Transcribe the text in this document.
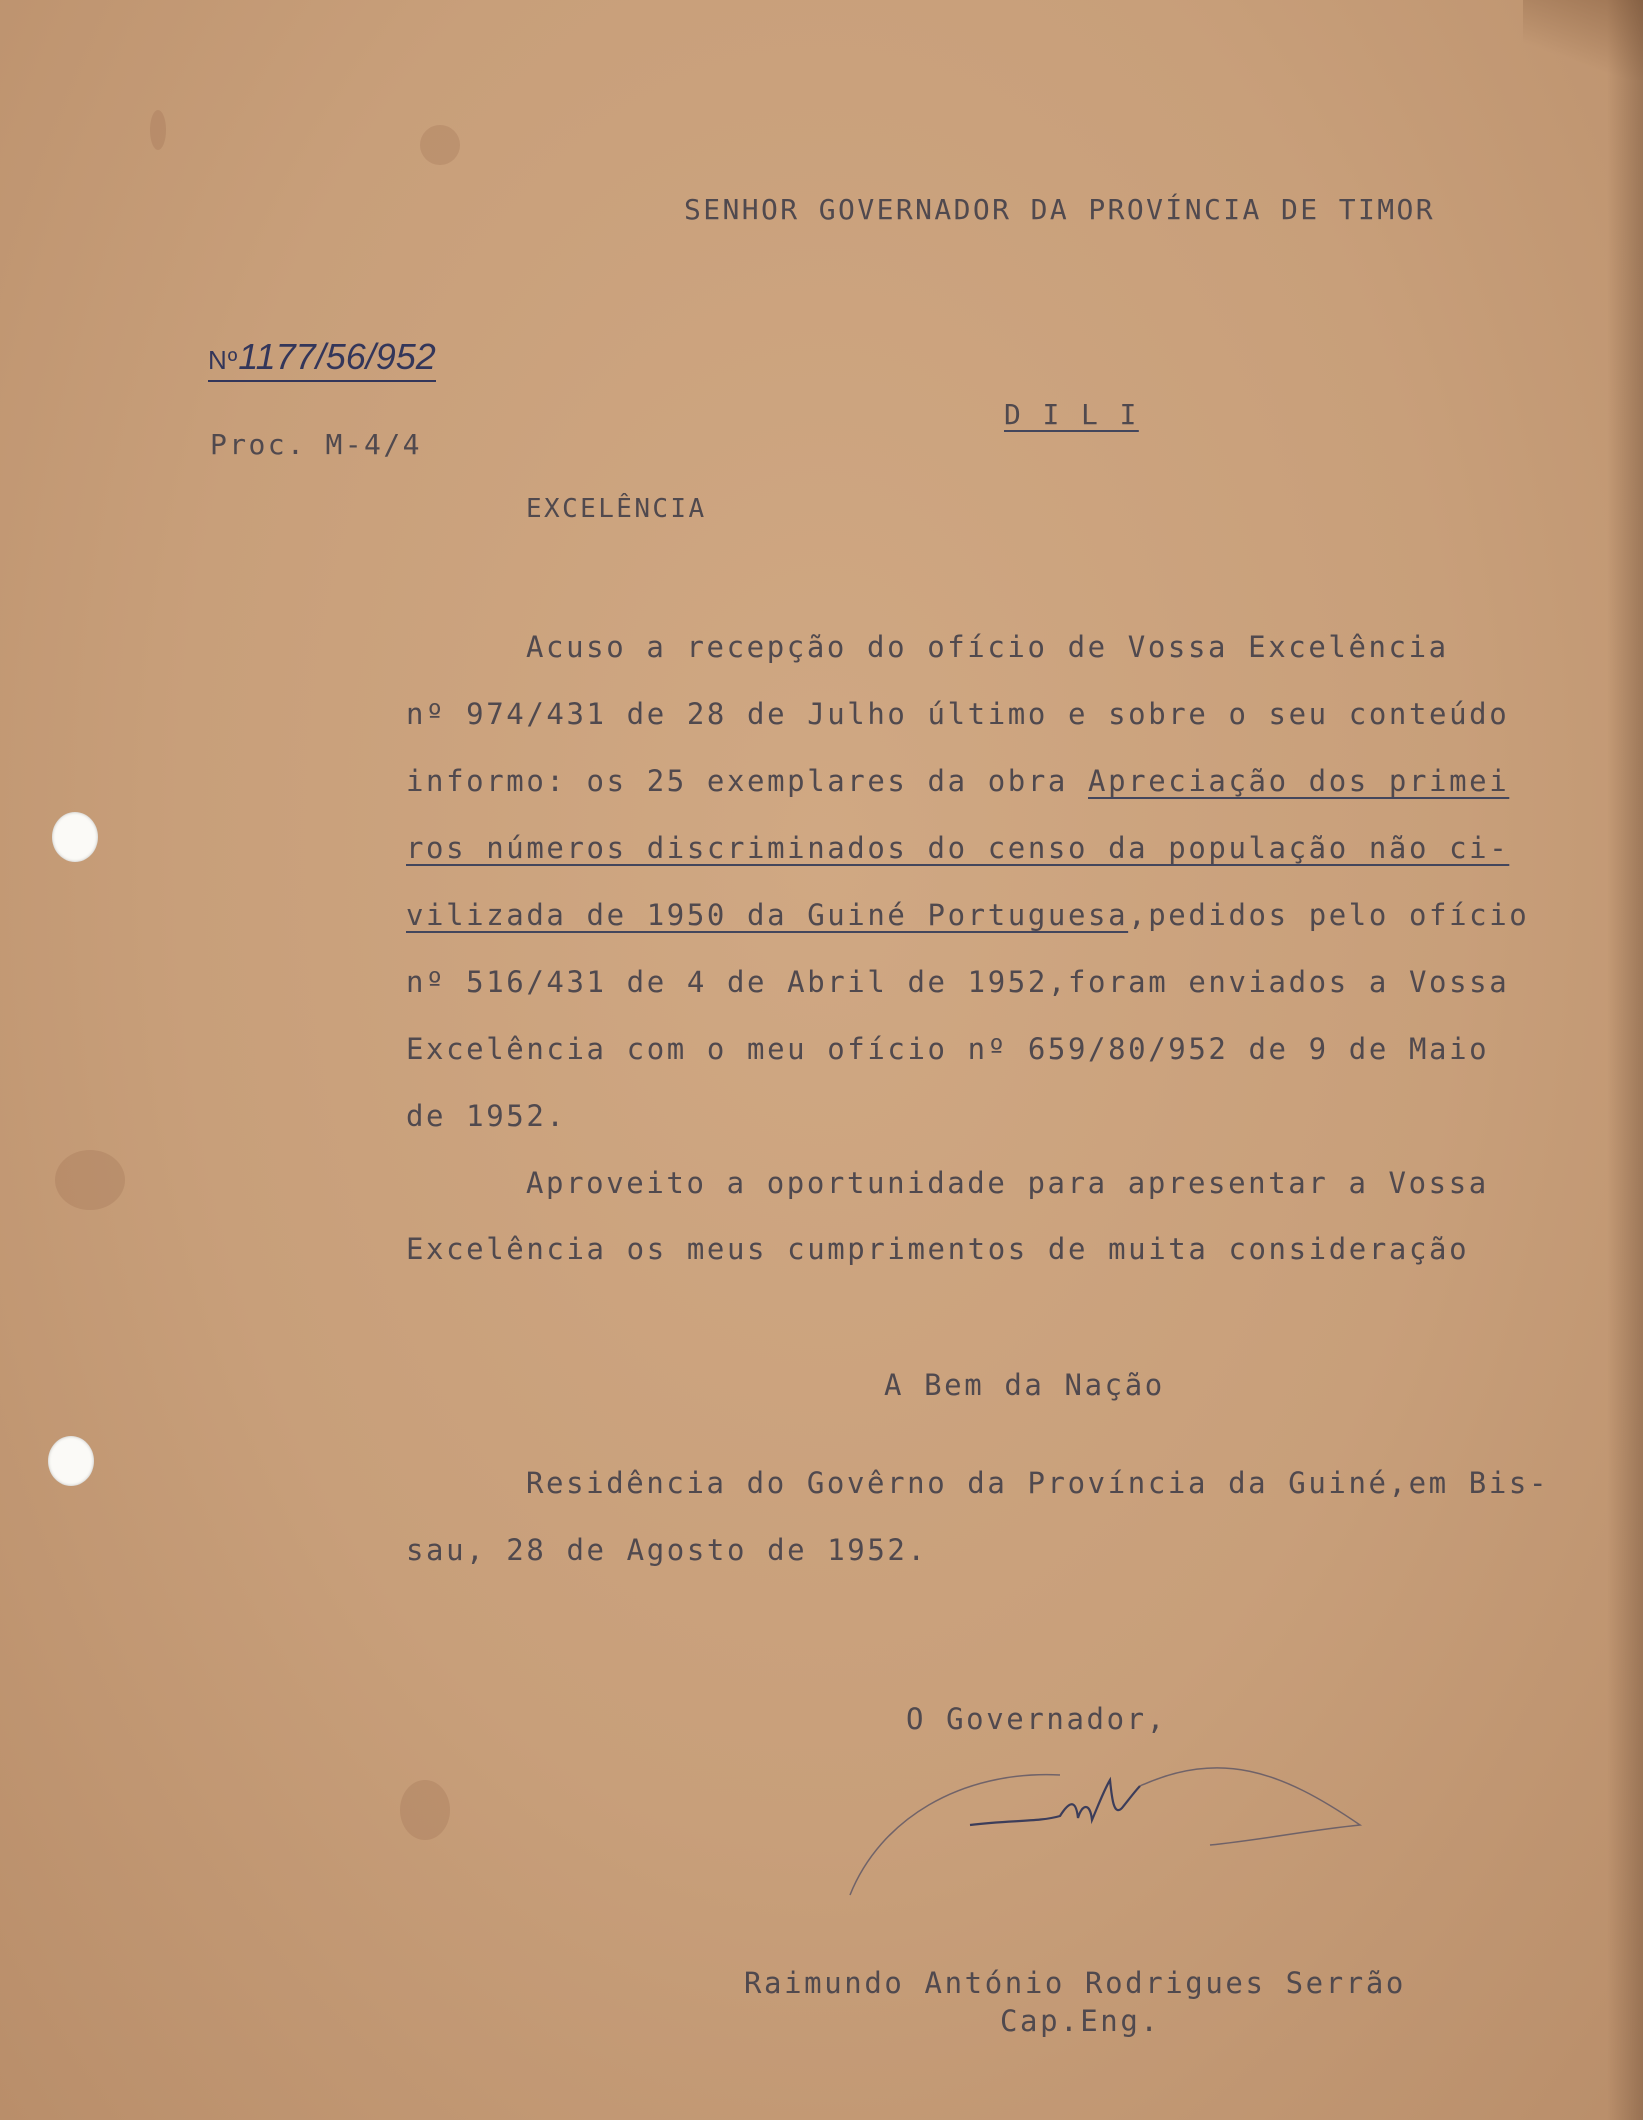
SENHOR GOVERNADOR DA PROVÍNCIA DE TIMOR
Nº1177/56/952
D I L I
Proc. M-4/4
EXCELÊNCIA
Acuso a recepção do ofício de Vossa Excelência
nº 974/431 de 28 de Julho último e sobre o seu conteúdo
informo: os 25 exemplares da obra Apreciação dos primei
ros números discriminados do censo da população não ci-
vilizada de 1950 da Guiné Portuguesa,pedidos pelo ofício
nº 516/431 de 4 de Abril de 1952,foram enviados a Vossa
Excelência com o meu ofício nº 659/80/952 de 9 de Maio
de 1952.
Aproveito a oportunidade para apresentar a Vossa
Excelência os meus cumprimentos de muita consideração
A Bem da Nação
Residência do Govêrno da Província da Guiné,em Bis-
sau, 28 de Agosto de 1952.
O Governador,
Raimundo António Rodrigues Serrão
Cap.Eng.
